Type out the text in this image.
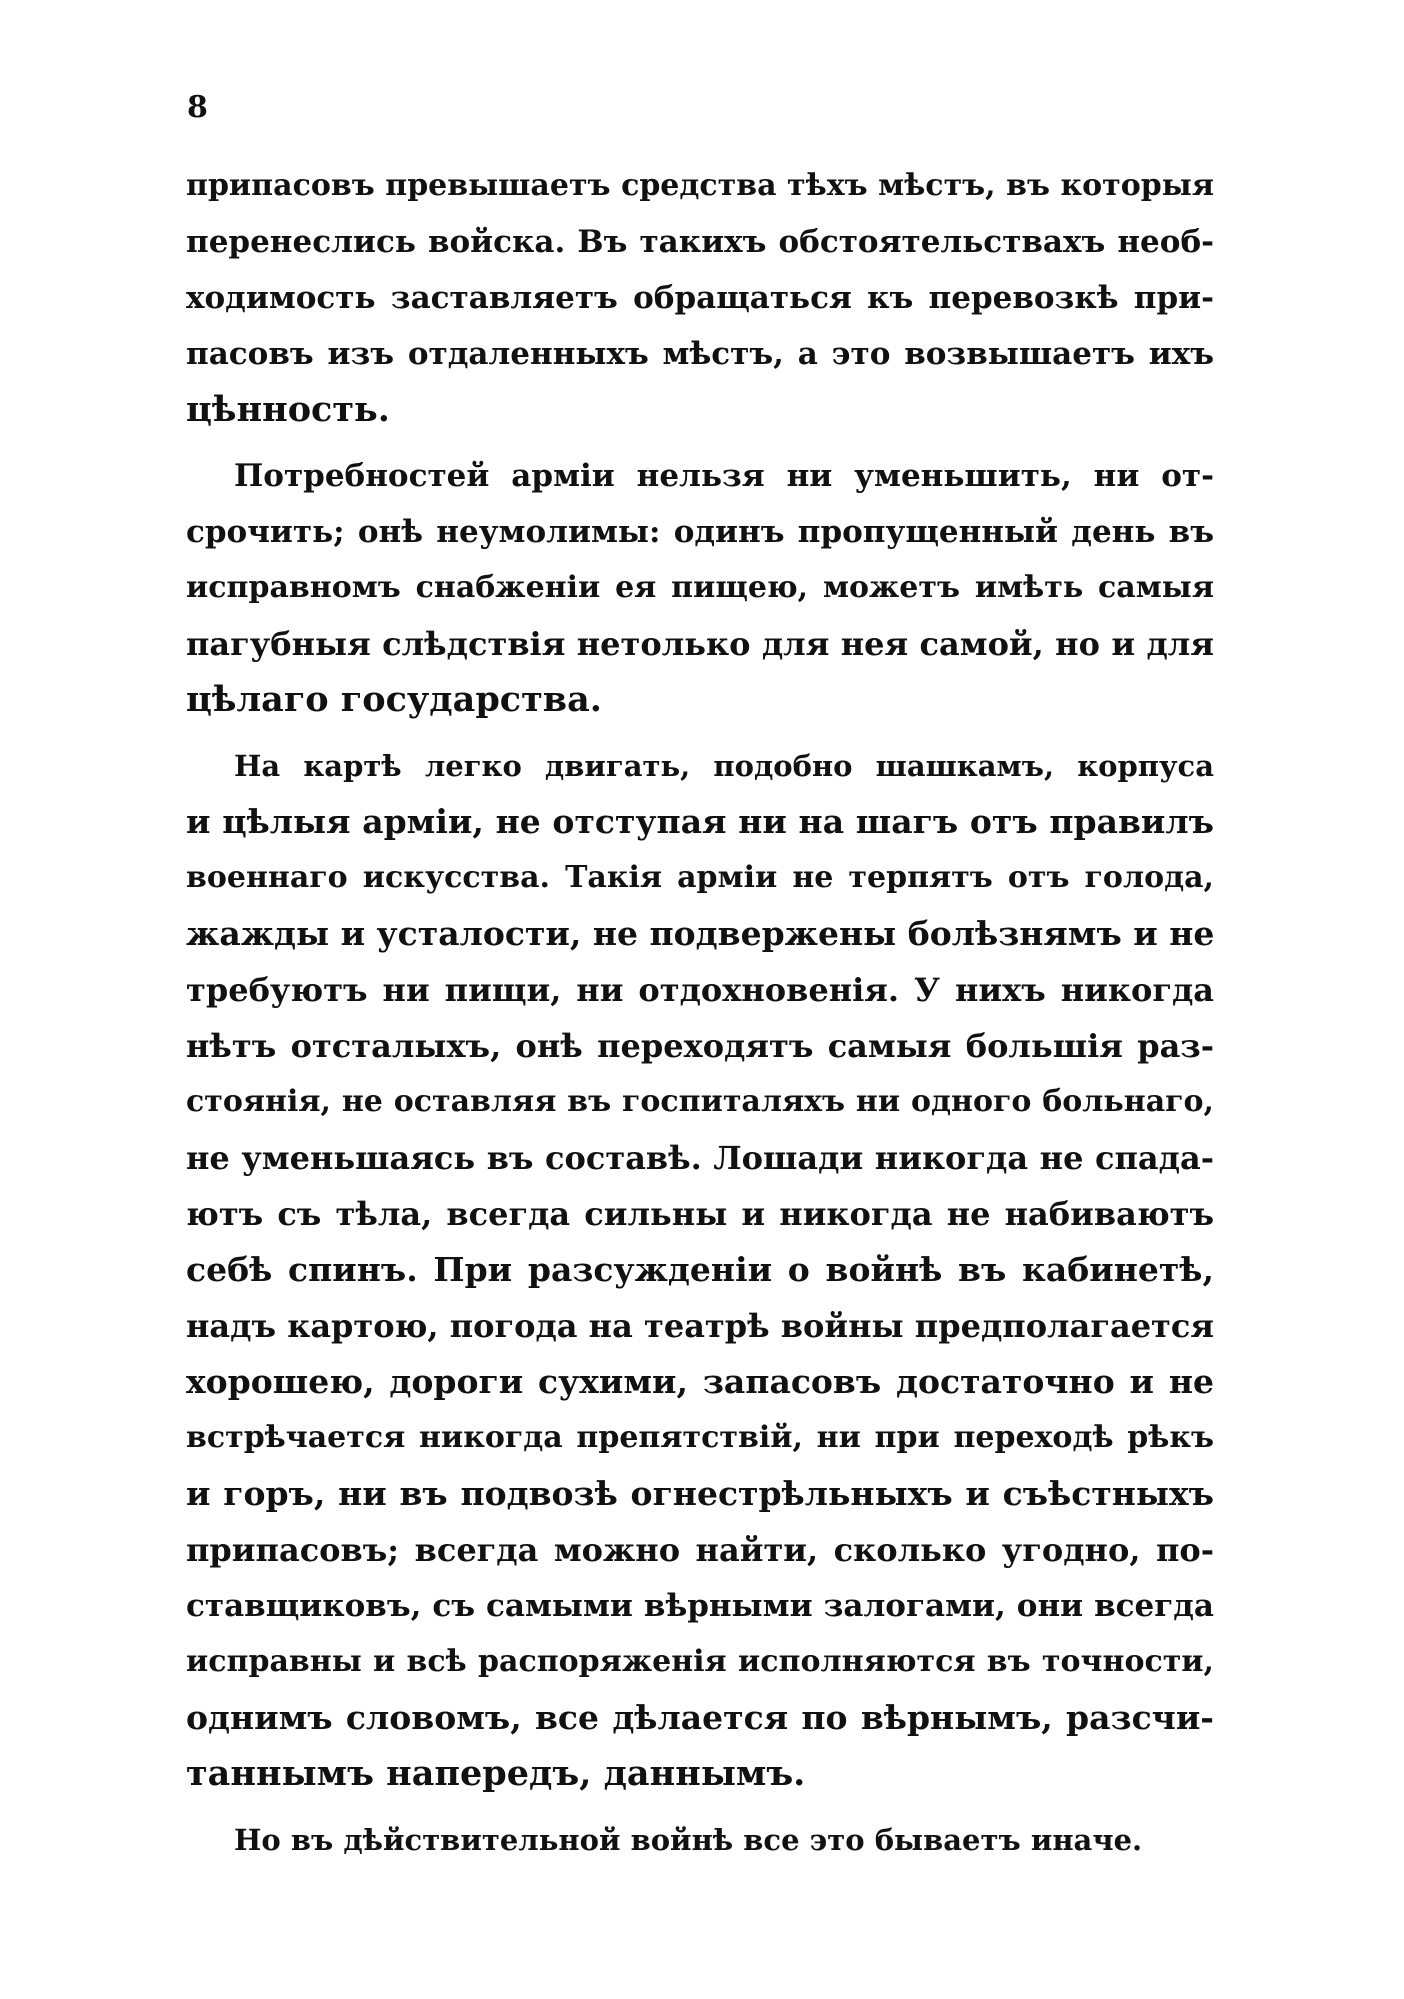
8
припасовъ превышаетъ средства тѣхъ мѣстъ, въ которыя
перенеслись войска. Въ такихъ обстоятельствахъ необ-
ходимость заставляетъ обращаться къ перевозкѣ при-
пасовъ изъ отдаленныхъ мѣстъ, а это возвышаетъ ихъ
цѣнность.
Потребностей арміи нельзя ни уменьшить, ни от-
срочить; онѣ неумолимы: одинъ пропущенный день въ
исправномъ снабженіи ея пищею, можетъ имѣть самыя
пагубныя слѣдствія нетолько для нея самой, но и для
цѣлаго государства.
На картѣ легко двигать, подобно шашкамъ, корпуса
и цѣлыя арміи, не отступая ни на шагъ отъ правилъ
военнаго искусства. Такія арміи не терпятъ отъ голода,
жажды и усталости, не подвержены болѣзнямъ и не
требуютъ ни пищи, ни отдохновенія. У нихъ никогда
нѣтъ отсталыхъ, онѣ переходятъ самыя большія раз-
стоянія, не оставляя въ госпиталяхъ ни одного больнаго,
не уменьшаясь въ составѣ. Лошади никогда не спада-
ютъ съ тѣла, всегда сильны и никогда не набиваютъ
себѣ спинъ. При разсужденіи о войнѣ въ кабинетѣ,
надъ картою, погода на театрѣ войны предполагается
хорошею, дороги сухими, запасовъ достаточно и не
встрѣчается никогда препятствій, ни при переходѣ рѣкъ
и горъ, ни въ подвозѣ огнестрѣльныхъ и съѣстныхъ
припасовъ; всегда можно найти, сколько угодно, по-
ставщиковъ, съ самыми вѣрными залогами, они всегда
исправны и всѣ распоряженія исполняются въ точности,
однимъ словомъ, все дѣлается по вѣрнымъ, разсчи-
таннымъ напередъ, даннымъ.
Но въ дѣйствительной войнѣ все это бываетъ иначе.
